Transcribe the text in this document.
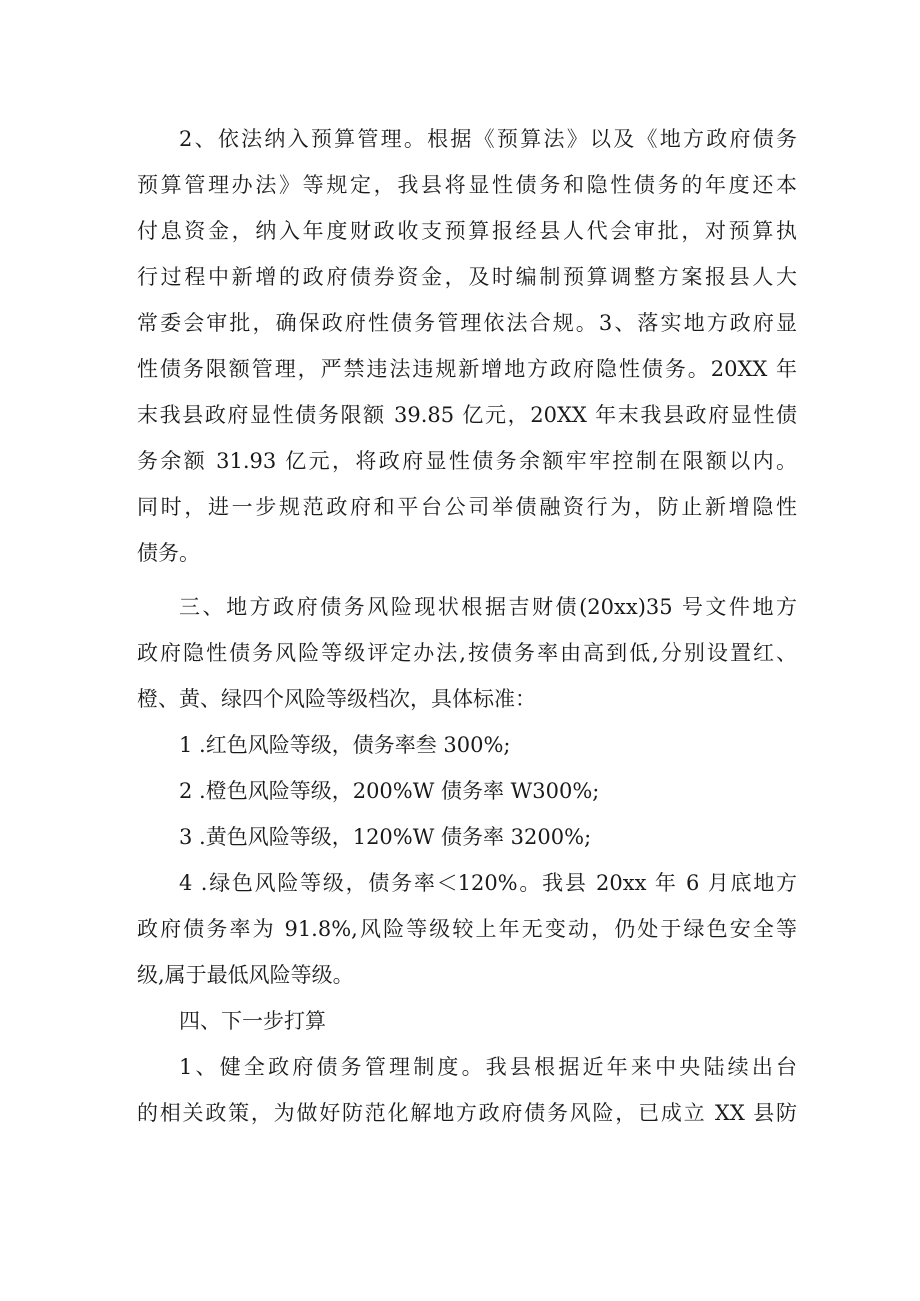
2、依法纳入预算管理。根据《预算法》以及《地方政府债务
预算管理办法》等规定，我县将显性债务和隐性债务的年度还本
付息资金，纳入年度财政收支预算报经县人代会审批，对预算执
行过程中新增的政府债券资金，及时编制预算调整方案报县人大
常委会审批，确保政府性债务管理依法合规。3、落实地方政府显
性债务限额管理，严禁违法违规新增地方政府隐性债务。20XX 年
末我县政府显性债务限额 39.85 亿元，20XX 年末我县政府显性债
务余额 31.93 亿元，将政府显性债务余额牢牢控制在限额以内。
同时，进一步规范政府和平台公司举债融资行为，防止新增隐性
债务。
三、地方政府债务风险现状根据吉财债(20xx)35 号文件地方
政府隐性债务风险等级评定办法,按债务率由高到低,分别设置红、
橙、黄、绿四个风险等级档次，具体标准：
1 .红色风险等级，债务率叁 300%;
2 .橙色风险等级，200%W 债务率 W300%;
3 .黄色风险等级，120%W 债务率 3200%;
4 .绿色风险等级，债务率＜120%。我县 20xx 年 6 月底地方
政府债务率为 91.8%,风险等级较上年无变动，仍处于绿色安全等
级,属于最低风险等级。
四、下一步打算
1、健全政府债务管理制度。我县根据近年来中央陆续出台
的相关政策，为做好防范化解地方政府债务风险，已成立 XX 县防
